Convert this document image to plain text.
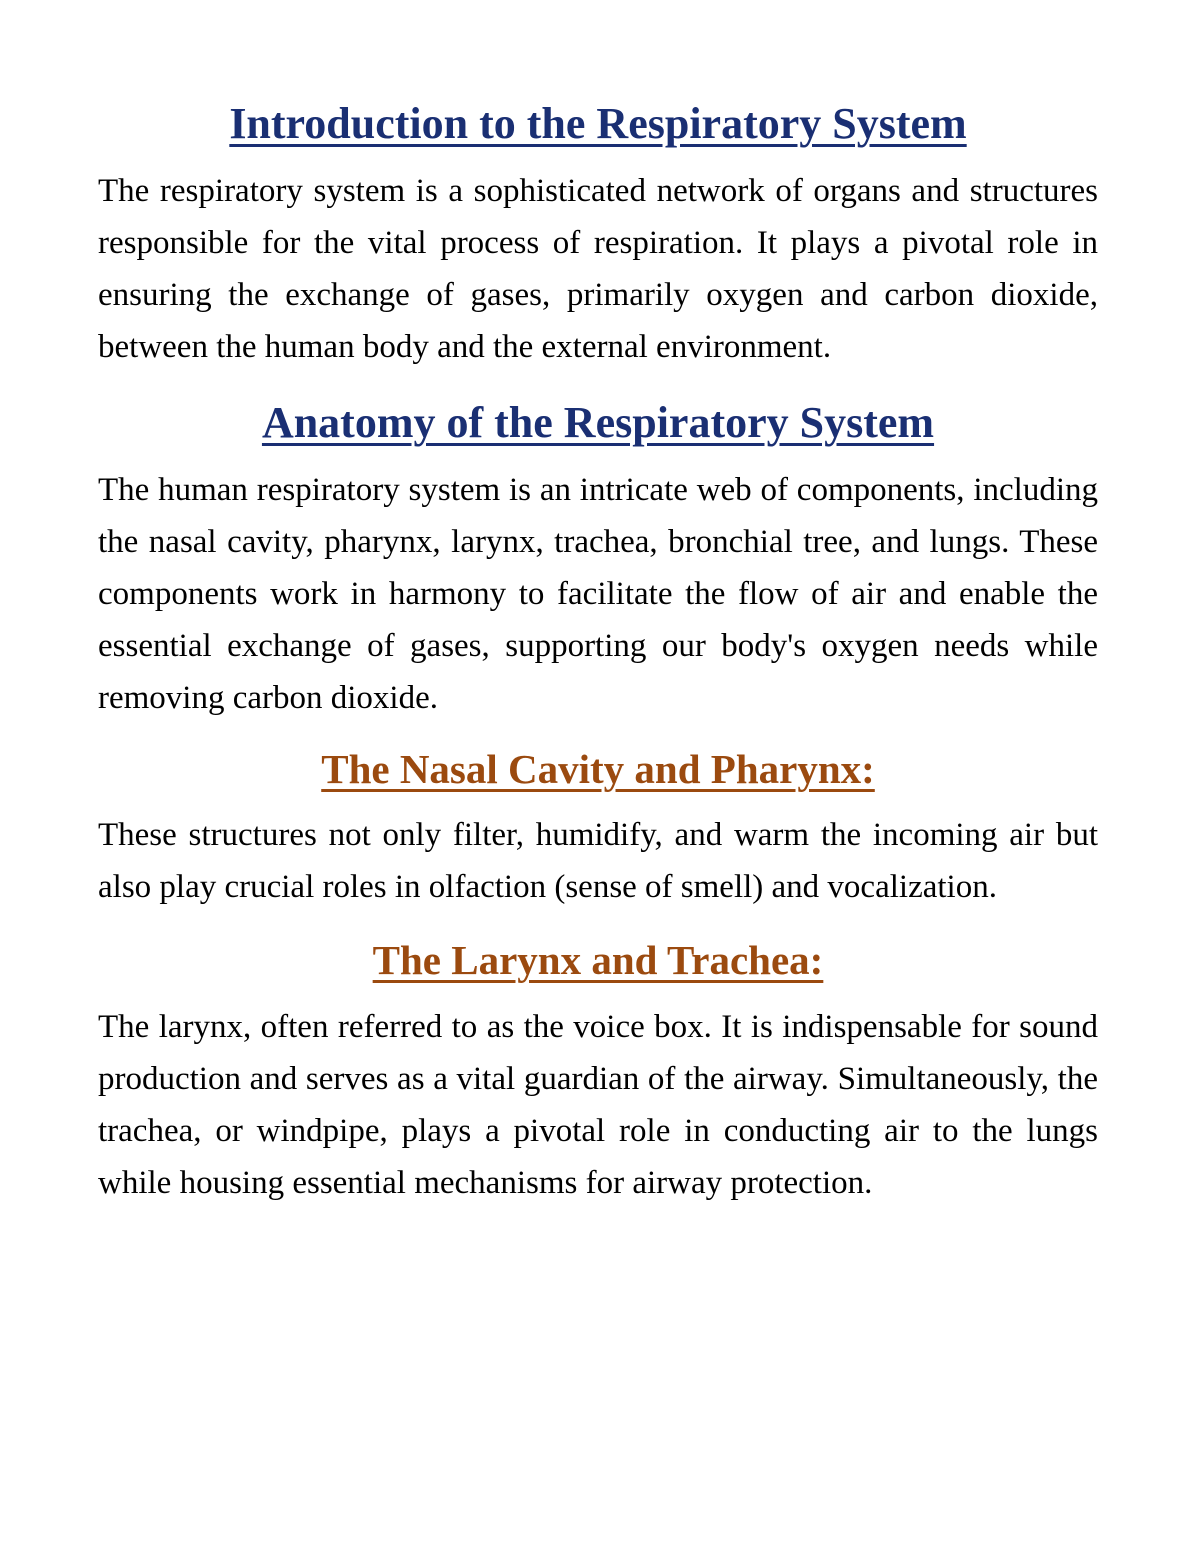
Introduction to the Respiratory System

The respiratory system is a sophisticated network of organs and structures responsible for the vital process of respiration. It plays a pivotal role in ensuring the exchange of gases, primarily oxygen and carbon dioxide, between the human body and the external environment.

Anatomy of the Respiratory System

The human respiratory system is an intricate web of components, including the nasal cavity, pharynx, larynx, trachea, bronchial tree, and lungs. These components work in harmony to facilitate the flow of air and enable the essential exchange of gases, supporting our body's oxygen needs while removing carbon dioxide.

The Nasal Cavity and Pharynx:

These structures not only filter, humidify, and warm the incoming air but also play crucial roles in olfaction (sense of smell) and vocalization.

The Larynx and Trachea:

The larynx, often referred to as the voice box. It is indispensable for sound production and serves as a vital guardian of the airway. Simultaneously, the trachea, or windpipe, plays a pivotal role in conducting air to the lungs while housing essential mechanisms for airway protection.
